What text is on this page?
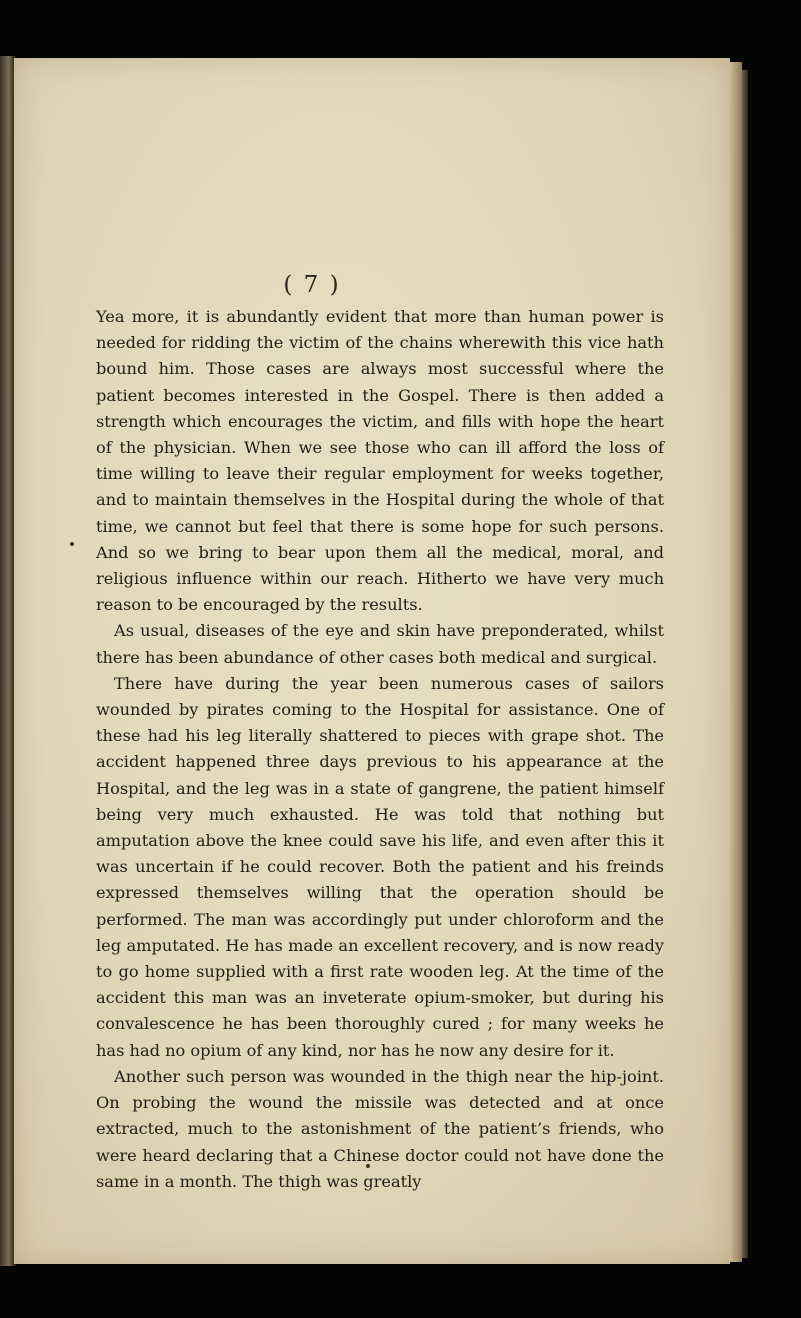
( 7 )

Yea more, it is abundantly evident that more than human power is needed for ridding the victim of the chains wherewith this vice hath bound him. Those cases are always most successful where the patient becomes interested in the Gospel. There is then added a strength which encourages the victim, and fills with hope the heart of the physician. When we see those who can ill afford the loss of time willing to leave their regular employment for weeks together, and to maintain themselves in the Hospital during the whole of that time, we cannot but feel that there is some hope for such persons. And so we bring to bear upon them all the medical, moral, and religious influence within our reach. Hitherto we have very much reason to be encouraged by the results.

As usual, diseases of the eye and skin have preponderated, whilst there has been abundance of other cases both medical and surgical.

There have during the year been numerous cases of sailors wounded by pirates coming to the Hospital for assistance. One of these had his leg literally shattered to pieces with grape shot. The accident happened three days previous to his appearance at the Hospital, and the leg was in a state of gangrene, the patient himself being very much exhausted. He was told that nothing but amputation above the knee could save his life, and even after this it was uncertain if he could recover. Both the patient and his freinds expressed themselves willing that the operation should be performed. The man was accordingly put under chloroform and the leg amputated. He has made an excellent recovery, and is now ready to go home supplied with a first rate wooden leg. At the time of the accident this man was an inveterate opium-smoker, but during his convalescence he has been thoroughly cured ; for many weeks he has had no opium of any kind, nor has he now any desire for it.

Another such person was wounded in the thigh near the hip-joint. On probing the wound the missile was detected and at once extracted, much to the astonishment of the patient’s friends, who were heard declaring that a Chinese doctor could not have done the same in a month. The thigh was greatly
